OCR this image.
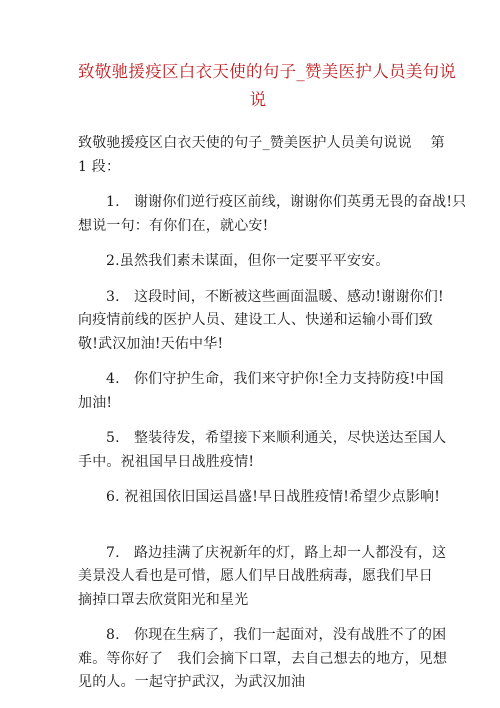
致敬驰援疫区白衣天使的句子_赞美医护人员美句说
说

致敬驰援疫区白衣天使的句子_赞美医护人员美句说说　 第
1 段：

1.　谢谢你们逆行疫区前线，谢谢你们英勇无畏的奋战!只
想说一句：有你们在，就心安!

2.虽然我们素未谋面，但你一定要平平安安。

3.　这段时间，不断被这些画面温暖、感动!谢谢你们!
向疫情前线的医护人员、建设工人、快递和运输小哥们致
敬!武汉加油!天佑中华!

4.　你们守护生命，我们来守护你!全力支持防疫!中国
加油!

5.　整装待发，希望接下来顺利通关，尽快送达至国人
手中。祝祖国早日战胜疫情!

6. 祝祖国依旧国运昌盛!早日战胜疫情!希望少点影响!

7.　路边挂满了庆祝新年的灯，路上却一人都没有，这
美景没人看也是可惜，愿人们早日战胜病毒，愿我们早日
摘掉口罩去欣赏阳光和星光

8.　你现在生病了，我们一起面对，没有战胜不了的困
难。等你好了　我们会摘下口罩，去自己想去的地方，见想
见的人。一起守护武汉，为武汉加油
